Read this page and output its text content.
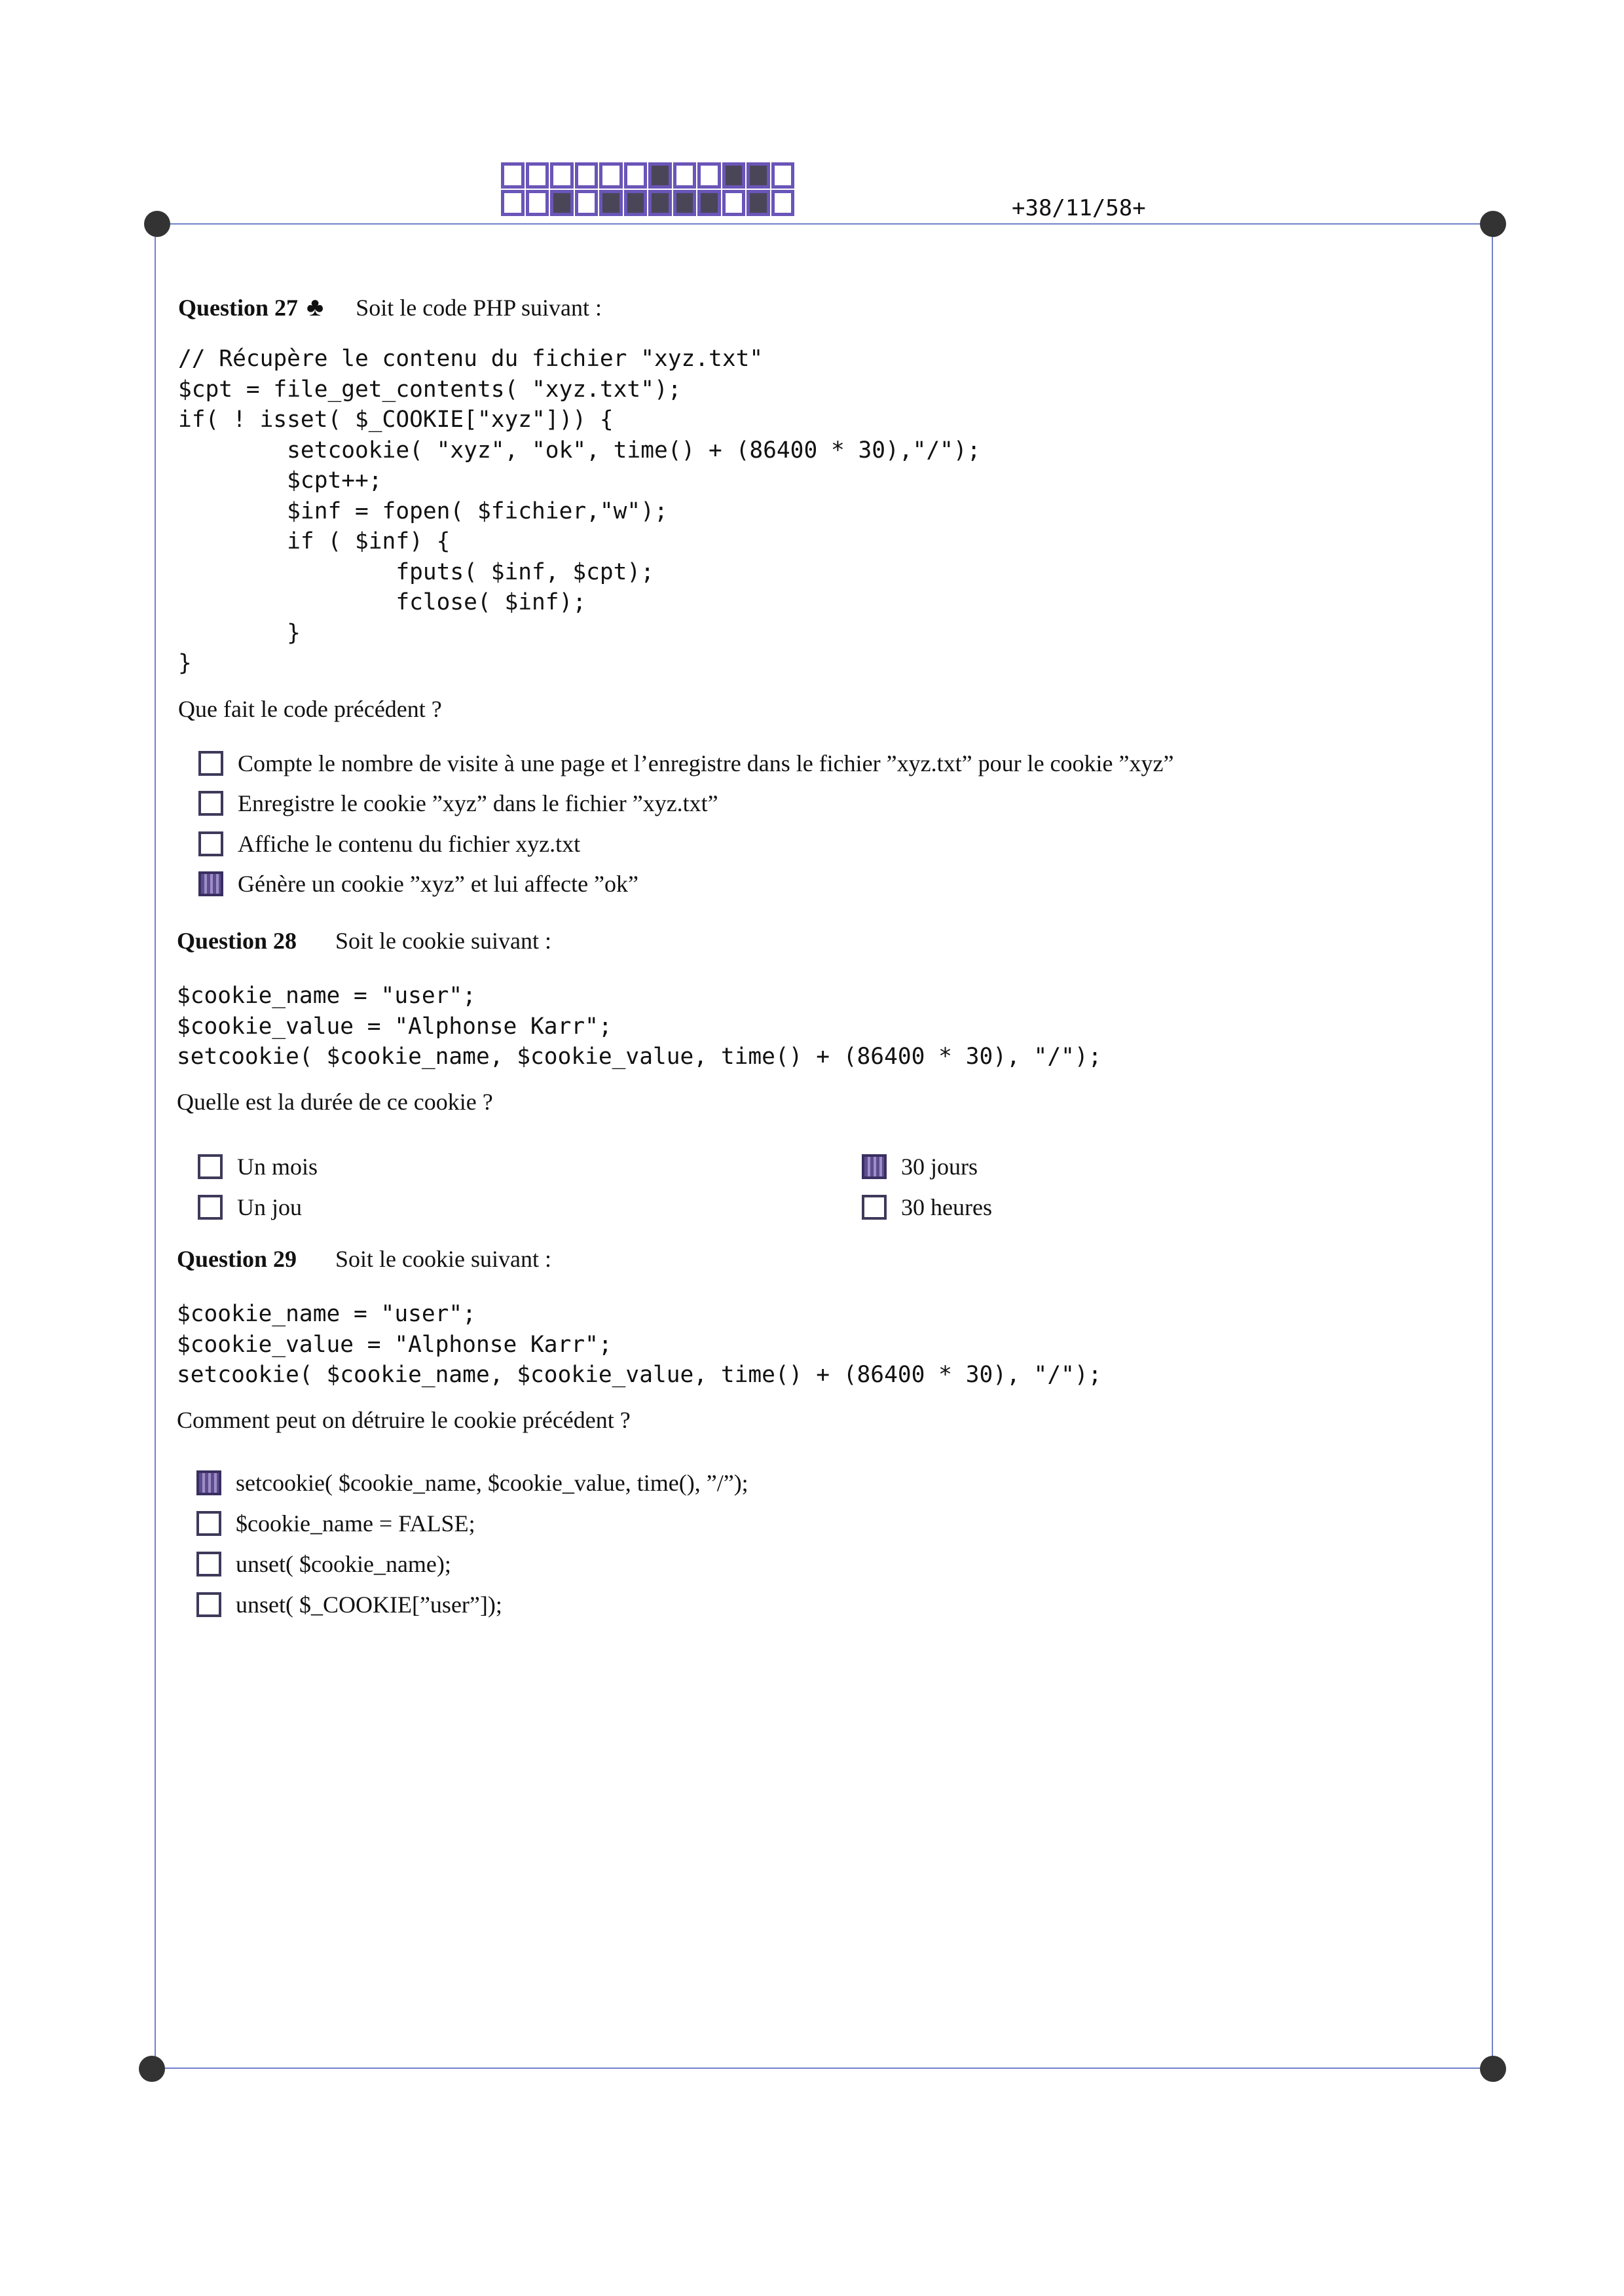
+38/11/58+
Question 27 ♣ Soit le code PHP suivant :
// Récupère le contenu du fichier "xyz.txt"
$cpt = file_get_contents( "xyz.txt");
if( ! isset( $_COOKIE["xyz"])) {
setcookie( "xyz", "ok", time() + (86400 * 30),"/");
$cpt++;
$inf = fopen( $fichier,"w");
if ( $inf) {
fputs( $inf, $cpt);
fclose( $inf);
}
}
Que fait le code précédent ?
Compte le nombre de visite à une page et l’enregistre dans le fichier ”xyz.txt” pour le cookie ”xyz”
Enregistre le cookie ”xyz” dans le fichier ”xyz.txt”
Affiche le contenu du fichier xyz.txt
Génère un cookie ”xyz” et lui affecte ”ok”
Question 28 Soit le cookie suivant :
$cookie_name = "user";
$cookie_value = "Alphonse Karr";
setcookie( $cookie_name, $cookie_value, time() + (86400 * 30), "/");
Quelle est la durée de ce cookie ?
Un mois
Un jou
30 jours
30 heures
Question 29 Soit le cookie suivant :
$cookie_name = "user";
$cookie_value = "Alphonse Karr";
setcookie( $cookie_name, $cookie_value, time() + (86400 * 30), "/");
Comment peut on détruire le cookie précédent ?
setcookie( $cookie_name, $cookie_value, time(), ”/”);
$cookie_name = FALSE;
unset( $cookie_name);
unset( $_COOKIE[”user”]);
